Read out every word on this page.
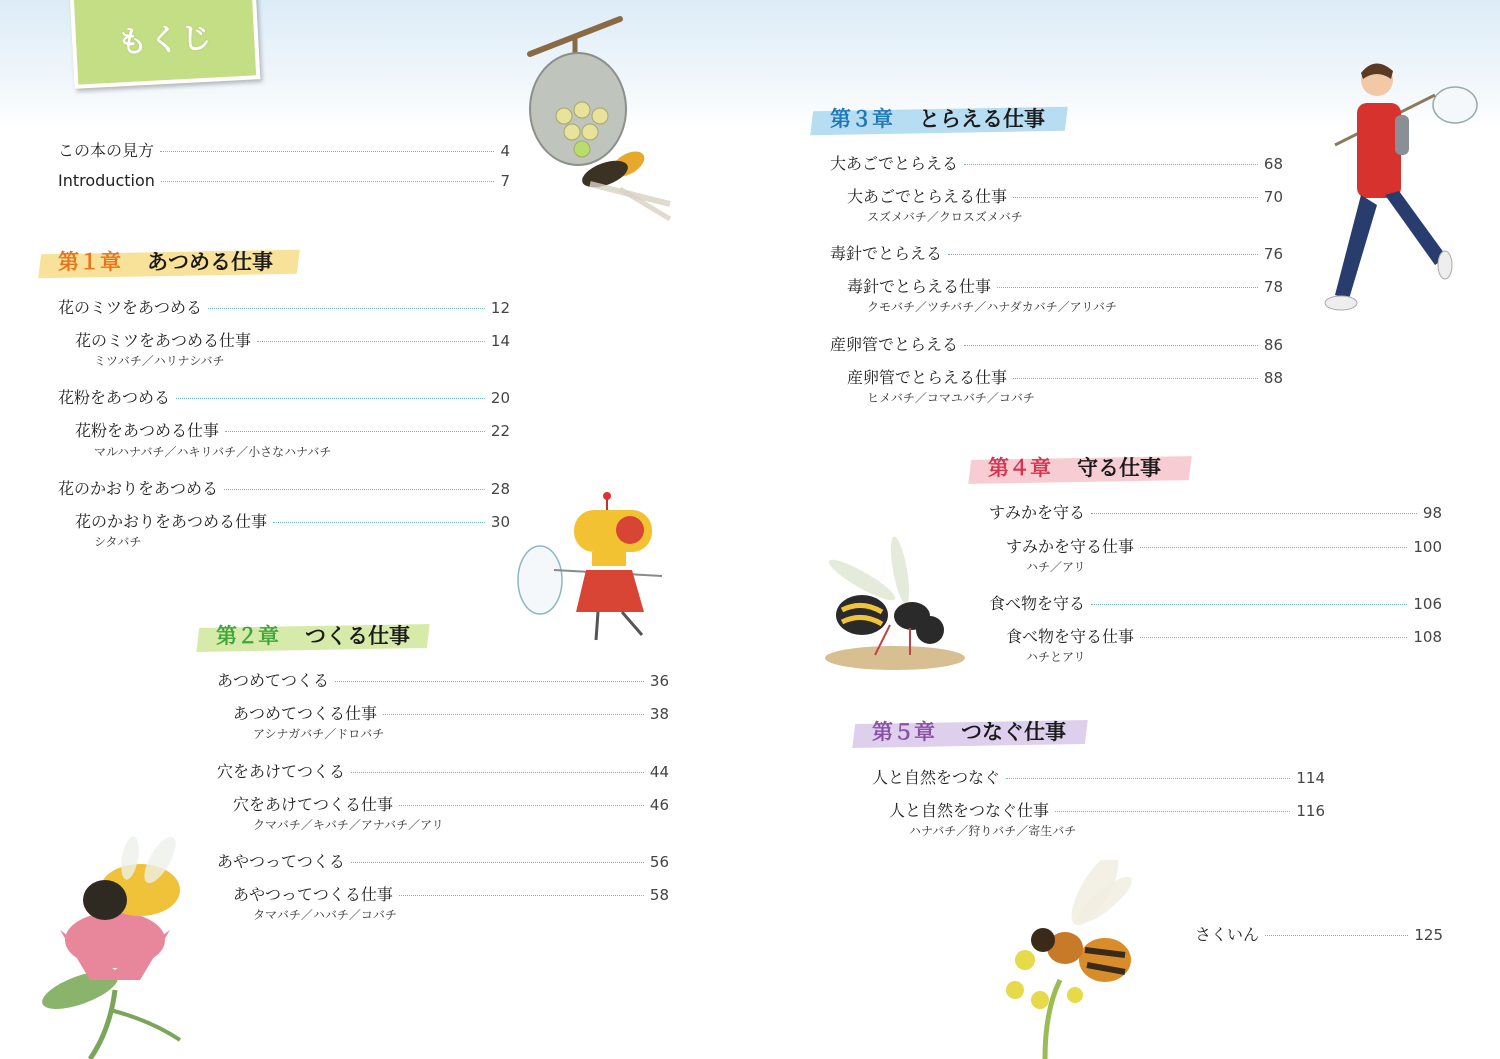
もくじ
この本の見方	4
Introduction	7
第１章 あつめる仕事
花のミツをあつめる	12
花のミツをあつめる仕事	14
ミツバチ／ハリナシバチ
花粉をあつめる	20
花粉をあつめる仕事	22
マルハナバチ／ハキリバチ／小さなハナバチ
花のかおりをあつめる	28
花のかおりをあつめる仕事	30
シタバチ
第２章 つくる仕事
あつめてつくる	36
あつめてつくる仕事	38
アシナガバチ／ドロバチ
穴をあけてつくる	44
穴をあけてつくる仕事	46
クマバチ／キバチ／アナバチ／アリ
あやつってつくる	56
あやつってつくる仕事	58
タマバチ／ハバチ／コバチ
第３章 とらえる仕事
大あごでとらえる	68
大あごでとらえる仕事	70
スズメバチ／クロスズメバチ
毒針でとらえる	76
毒針でとらえる仕事	78
クモバチ／ツチバチ／ハナダカバチ／アリバチ
産卵管でとらえる	86
産卵管でとらえる仕事	88
ヒメバチ／コマユバチ／コバチ
第４章 守る仕事
すみかを守る	98
すみかを守る仕事	100
ハチ／アリ
食べ物を守る	106
食べ物を守る仕事	108
ハチとアリ
第５章 つなぐ仕事
人と自然をつなぐ	114
人と自然をつなぐ仕事	116
ハナバチ／狩りバチ／寄生バチ
さくいん	125
